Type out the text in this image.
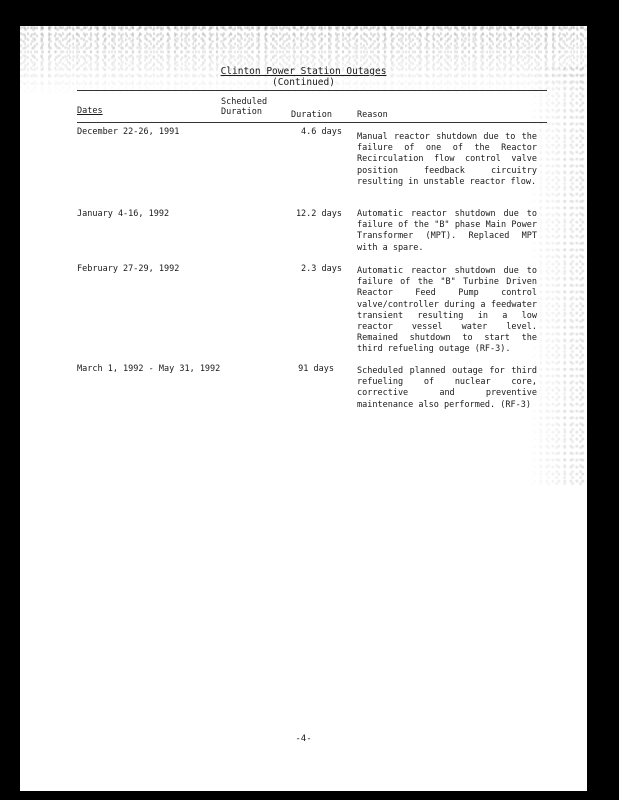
Clinton Power Station Outages
(Continued)
Dates
Scheduled
Duration	Duration	Reason
December 22-26, 1991	4.6 days Manual reactor shutdown due to the failure of one of the Reactor Recirculation flow control valve position feedback circuitry resulting in unstable reactor flow.
January 4-16, 1992	12.2 days Automatic reactor shutdown due to failure of the "B" phase Main Power Transformer (MPT). Replaced MPT with a spare.
February 27-29, 1992	2.3 days Automatic reactor shutdown due to failure of the "B" Turbine Driven Reactor Feed Pump control valve/controller during a feedwater transient resulting in a low reactor vessel water level. Remained shutdown to start the third refueling outage (RF-3).
March 1, 1992 - May 31, 1992	91 days	Scheduled planned outage for third refueling of nuclear core, corrective and preventive maintenance also performed. (RF-3)
-4-
